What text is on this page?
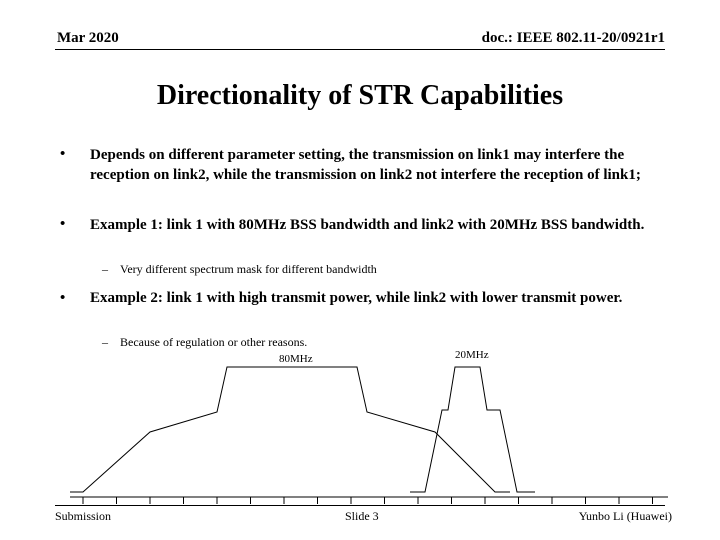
Mar 2020	doc.: IEEE 802.11-20/0921r1
Directionality of STR Capabilities
• Depends on different parameter setting, the transmission on link1 may interfere the reception on link2, while the transmission on link2 not interfere the reception of link1;
• Example 1: link 1 with 80MHz BSS bandwidth and link2 with 20MHz BSS bandwidth.
– Very different spectrum mask for different bandwidth
• Example 2: link 1 with high transmit power, while link2 with lower transmit power.
– Because of regulation or other reasons.
80MHz	20MHz
Submission	Slide 3	Yunbo Li (Huawei)
